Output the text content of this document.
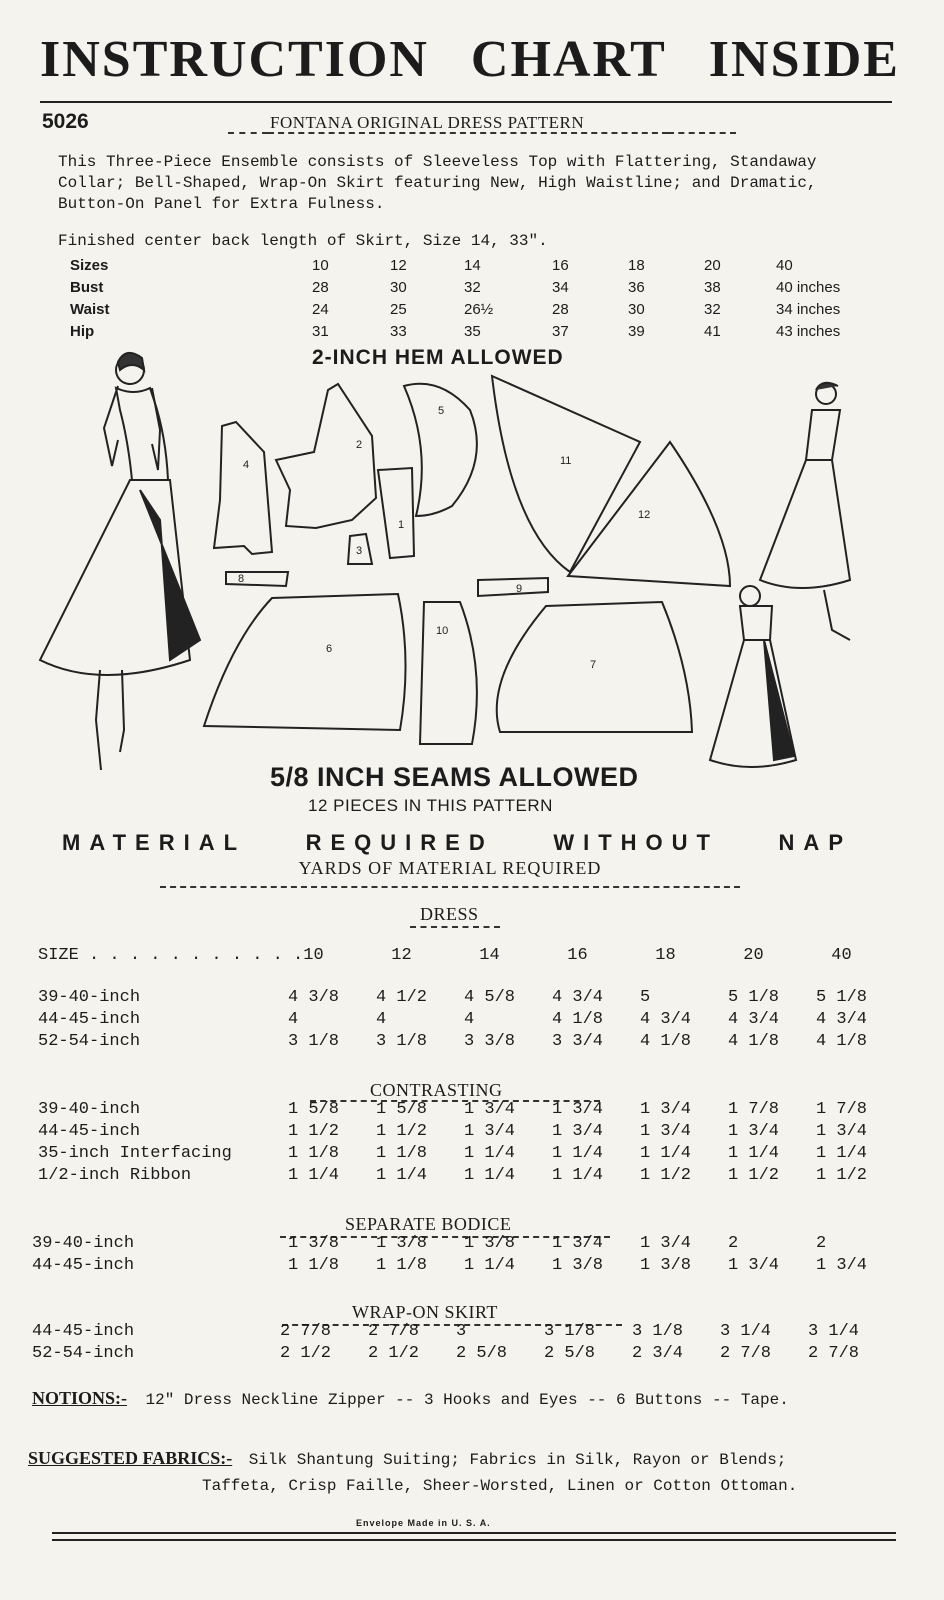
INSTRUCTION CHART INSIDE
5026	FONTANA ORIGINAL DRESS PATTERN
This Three-Piece Ensemble consists of Sleeveless Top with Flattering, Standaway Collar; Bell-Shaped, Wrap-On Skirt featuring New, High Waistline; and Dramatic, Button-On Panel for Extra Fulness.
Finished center back length of Skirt, Size 14, 33".
Sizes	10	12	14	16	18	20	40
Bust	28	30	32	34	36	38	40 inches
Waist	24	25	26½	28	30	32	34 inches
Hip	31	33	35	37	39	41	43 inches
2-INCH HEM ALLOWED
4
2
3
1
5
11
12
8
9
6
10
7
5/8 INCH SEAMS ALLOWED
12 PIECES IN THIS PATTERN
MATERIAL	REQUIRED	WITHOUT	NAP
YARDS OF MATERIAL REQUIRED
DRESS
CONTRASTING
SEPARATE BODICE
WRAP-ON SKIRT
SIZE . . . . . . . . . . .	10	12	14	16	18	20	40
39-40-inch	4 3/8	4 1/2	4 5/8	4 3/4	5	5 1/8	5 1/8
44-45-inch	4	4	4	4 1/8	4 3/4	4 3/4	4 3/4
52-54-inch	3 1/8	3 1/8	3 3/8	3 3/4	4 1/8	4 1/8	4 1/8
39-40-inch	1 5/8	1 5/8	1 3/4	1 3/4	1 3/4	1 7/8	1 7/8
44-45-inch	1 1/2	1 1/2	1 3/4	1 3/4	1 3/4	1 3/4	1 3/4
35-inch Interfacing	1 1/8	1 1/8	1 1/4	1 1/4	1 1/4	1 1/4	1 1/4
1/2-inch Ribbon	1 1/4	1 1/4	1 1/4	1 1/4	1 1/2	1 1/2	1 1/2
39-40-inch	1 3/8	1 3/8	1 3/8	1 3/4	1 3/4	2	2
44-45-inch	1 1/8	1 1/8	1 1/4	1 3/8	1 3/8	1 3/4	1 3/4
44-45-inch	2 7/8	2 7/8	3	3 1/8	3 1/8	3 1/4	3 1/4
52-54-inch	2 1/2	2 1/2	2 5/8	2 5/8	2 3/4	2 7/8	2 7/8
NOTIONS:- 12" Dress Neckline Zipper -- 3 Hooks and Eyes -- 6 Buttons -- Tape.
SUGGESTED FABRICS:- Silk Shantung Suiting; Fabrics in Silk, Rayon or Blends;
Taffeta, Crisp Faille, Sheer-Worsted, Linen or Cotton Ottoman.
Envelope Made in U. S. A.
